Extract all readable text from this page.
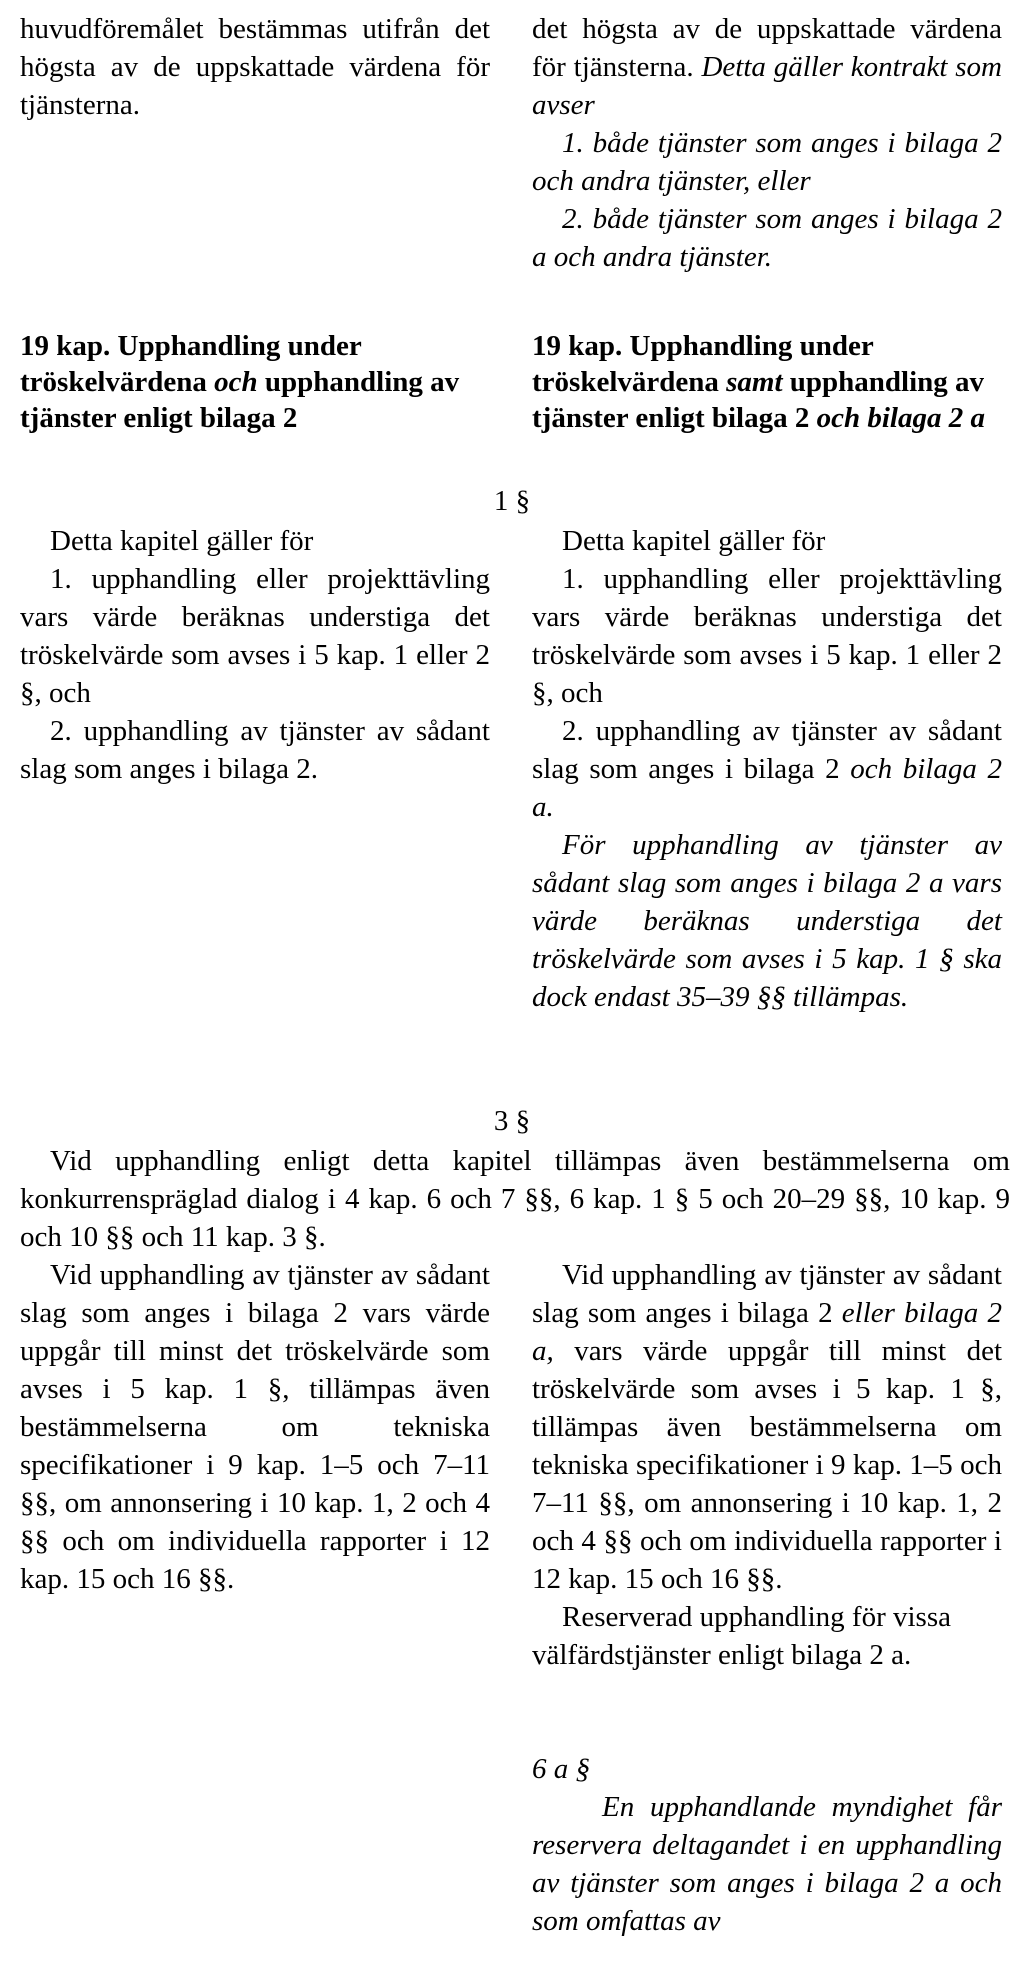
huvudföremålet bestämmas utifrån det högsta av de uppskattade värdena för tjänsterna.

det högsta av de uppskattade värdena för tjänsterna. Detta gäller kontrakt som avser

1. både tjänster som anges i bilaga 2 och andra tjänster, eller

2. både tjänster som anges i bilaga 2 a och andra tjänster.

19 kap. Upphandling under tröskelvärdena och upphandling av tjänster enligt bilaga 2

19 kap. Upphandling under tröskelvärdena samt upphandling av tjänster enligt bilaga 2 och bilaga 2 a

1 §

Detta kapitel gäller för

1. upphandling eller projekttävling vars värde beräknas understiga det tröskelvärde som avses i 5 kap. 1 eller 2 §, och

2. upphandling av tjänster av sådant slag som anges i bilaga 2.

Detta kapitel gäller för

1. upphandling eller projekttävling vars värde beräknas understiga det tröskelvärde som avses i 5 kap. 1 eller 2 §, och

2. upphandling av tjänster av sådant slag som anges i bilaga 2 och bilaga 2 a.

För upphandling av tjänster av sådant slag som anges i bilaga 2 a vars värde beräknas understiga det tröskelvärde som avses i 5 kap. 1 § ska dock endast 35–39 §§ tillämpas.

3 §

Vid upphandling enligt detta kapitel tillämpas även bestämmelserna om konkurrenspräglad dialog i 4 kap. 6 och 7 §§, 6 kap. 1 § 5 och 20–29 §§, 10 kap. 9 och 10 §§ och 11 kap. 3 §.

Vid upphandling av tjänster av sådant slag som anges i bilaga 2 vars värde uppgår till minst det tröskelvärde som avses i 5 kap. 1 §, tillämpas även bestämmelserna om tekniska specifikationer i 9 kap. 1–5 och 7–11 §§, om annonsering i 10 kap. 1, 2 och 4 §§ och om individuella rapporter i 12 kap. 15 och 16 §§.

Vid upphandling av tjänster av sådant slag som anges i bilaga 2 eller bilaga 2 a, vars värde uppgår till minst det tröskelvärde som avses i 5 kap. 1 §, tillämpas även bestämmelserna om tekniska specifikationer i 9 kap. 1–5 och 7–11 §§, om annonsering i 10 kap. 1, 2 och 4 §§ och om individuella rapporter i 12 kap. 15 och 16 §§.

Reserverad upphandling för vissa välfärdstjänster enligt bilaga 2 a.

6 a §

En upphandlande myndighet får reservera deltagandet i en upphandling av tjänster som anges i bilaga 2 a och som omfattas av
